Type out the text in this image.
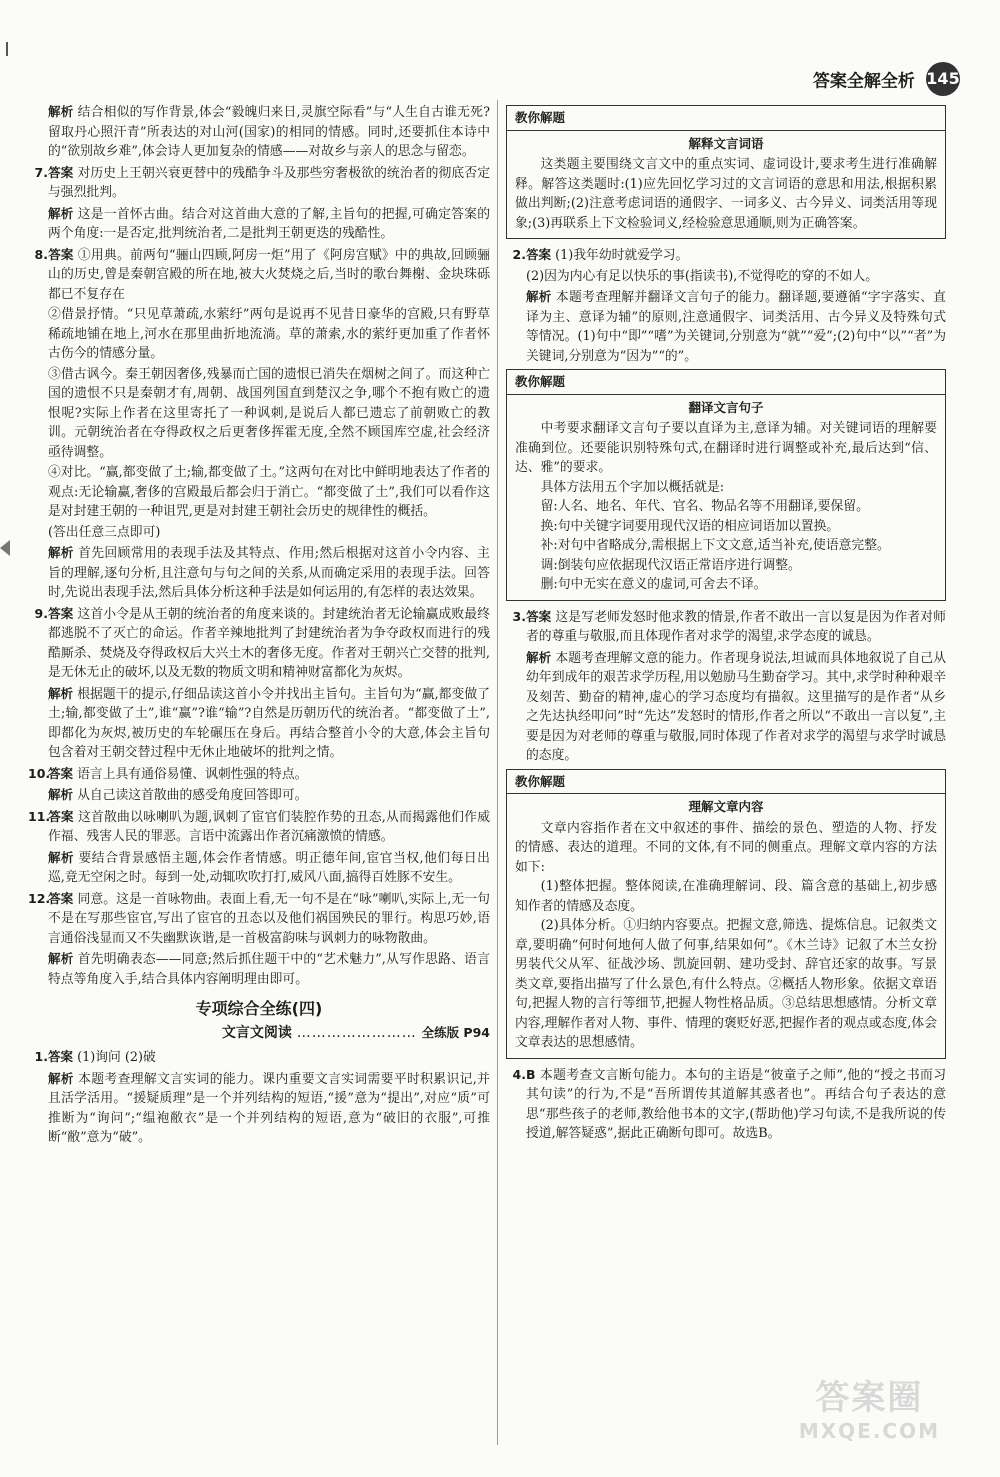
答案全解全析 145
解析 结合相似的写作背景,体会“毅魄归来日,灵旗空际看”与“人生自古谁无死?留取丹心照汗青”所表达的对山河(国家)的相同的情感。同时,还要抓住本诗中的“欲别故乡难”,体会诗人更加复杂的情感——对故乡与亲人的思念与留恋。
7.答案 对历史上王朝兴衰更替中的残酷争斗及那些穷奢极欲的统治者的彻底否定与强烈批判。
解析 这是一首怀古曲。结合对这首曲大意的了解,主旨句的把握,可确定答案的两个角度:一是否定,批判统治者,二是批判王朝更迭的残酷性。
8.答案 ①用典。前两句“骊山四顾,阿房一炬”用了《阿房宫赋》中的典故,回顾骊山的历史,曾是秦朝宫殿的所在地,被大火焚烧之后,当时的歌台舞榭、金块珠砾都已不复存在
②借景抒情。“只见草萧疏,水萦纡”两句是说再不见昔日豪华的宫殿,只有野草稀疏地铺在地上,河水在那里曲折地流淌。草的萧索,水的萦纡更加重了作者怀古伤今的情感分量。
③借古讽今。秦王朝因奢侈,残暴而亡国的遗恨已消失在烟树之间了。而这种亡国的遗恨不只是秦朝才有,周朝、战国列国直到楚汉之争,哪个不抱有败亡的遗恨呢?实际上作者在这里寄托了一种讽刺,是说后人都已遗忘了前朝败亡的教训。元朝统治者在夺得政权之后更奢侈挥霍无度,全然不顾国库空虚,社会经济亟待调整。
④对比。“赢,都变做了土;输,都变做了土。”这两句在对比中鲜明地表达了作者的观点:无论输赢,奢侈的宫殿最后都会归于消亡。“都变做了土”,我们可以看作这是对封建王朝的一种诅咒,更是对封建王朝社会历史的规律性的概括。
(答出任意三点即可)
解析 首先回顾常用的表现手法及其特点、作用;然后根据对这首小令内容、主旨的理解,逐句分析,且注意句与句之间的关系,从而确定采用的表现手法。回答时,先说出表现手法,然后具体分析这种手法是如何运用的,有怎样的表达效果。
9.答案 这首小令是从王朝的统治者的角度来谈的。封建统治者无论输赢成败最终都逃脱不了灭亡的命运。作者辛辣地批判了封建统治者为争夺政权而进行的残酷厮杀、焚烧及夺得政权后大兴土木的奢侈无度。作者对王朝兴亡交替的批判,是无休无止的破坏,以及无数的物质文明和精神财富都化为灰烬。
解析 根据题干的提示,仔细品读这首小令并找出主旨句。主旨句为“赢,都变做了土;输,都变做了土”,谁“赢”?谁“输”?自然是历朝历代的统治者。“都变做了土”,即都化为灰烬,被历史的车轮碾压在身后。再结合整首小令的大意,体会主旨句包含着对王朝交替过程中无休止地破坏的批判之情。
10.答案 语言上具有通俗易懂、讽刺性强的特点。
解析 从自己读这首散曲的感受角度回答即可。
11.答案 这首散曲以咏喇叭为题,讽刺了宦官们装腔作势的丑态,从而揭露他们作威作福、残害人民的罪恶。言语中流露出作者沉痛激愤的情感。
解析 要结合背景感悟主题,体会作者情感。明正德年间,宦官当权,他们每日出巡,竟无空闲之时。每到一处,动辄吹吹打打,威风八面,搞得百姓豚不安生。
12.答案 同意。这是一首咏物曲。表面上看,无一句不是在“咏”喇叭,实际上,无一句不是在写那些宦官,写出了宦官的丑态以及他们祸国殃民的罪行。构思巧妙,语言通俗浅显而又不失幽默诙谐,是一首极富韵味与讽刺力的咏物散曲。
解析 首先明确表态——同意;然后抓住题干中的“艺术魅力”,从写作思路、语言特点等角度入手,结合具体内容阐明理由即可。
专项综合全练(四)
文言文阅读 …………………… 全练版 P94
1.答案 (1)询问 (2)破
解析 本题考查理解文言实词的能力。课内重要文言实词需要平时积累识记,并且活学活用。“援疑质理”是一个并列结构的短语,“援”意为“提出”,对应“质”可推断为“询问”;“缊袍敝衣”是一个并列结构的短语,意为“破旧的衣服”,可推断“敝”意为“破”。
教你解题
解释文言词语

这类题主要围绕文言文中的重点实词、虚词设计,要求考生进行准确解释。解答这类题时:(1)应先回忆学习过的文言词语的意思和用法,根据积累做出判断;(2)注意考虑词语的通假字、一词多义、古今异义、词类活用等现象;(3)再联系上下文检验词义,经检验意思通顺,则为正确答案。

2.答案 (1)我年幼时就爱学习。
(2)因为内心有足以快乐的事(指读书),不觉得吃的穿的不如人。
解析 本题考查理解并翻译文言句子的能力。翻译题,要遵循“字字落实、直译为主、意译为辅”的原则,注意通假字、词类活用、古今异义及特殊句式等情况。(1)句中“即”“嗜”为关键词,分别意为“就”“爱”;(2)句中“以”“者”为关键词,分别意为“因为”“的”。
教你解题
翻译文言句子

中考要求翻译文言句子要以直译为主,意译为辅。对关键词语的理解要准确到位。还要能识别特殊句式,在翻译时进行调整或补充,最后达到“信、达、雅”的要求。

具体方法用五个字加以概括就是:

留:人名、地名、年代、官名、物品名等不用翻译,要保留。

换:句中关键字词要用现代汉语的相应词语加以置换。

补:对句中省略成分,需根据上下文文意,适当补充,使语意完整。

调:倒装句应依据现代汉语正常语序进行调整。

删:句中无实在意义的虚词,可舍去不译。

3.答案 这是写老师发怒时他求教的情景,作者不敢出一言以复是因为作者对师者的尊重与敬服,而且体现作者对求学的渴望,求学态度的诚恳。
解析 本题考查理解文意的能力。作者现身说法,坦诚而具体地叙说了自己从幼年到成年的艰苦求学历程,用以勉励马生勤奋学习。其中,求学时种种艰辛及刻苦、勤奋的精神,虚心的学习态度均有描叙。这里描写的是作者“从乡之先达执经叩问”时“先达”发怒时的情形,作者之所以“不敢出一言以复”,主要是因为对老师的尊重与敬服,同时体现了作者对求学的渴望与求学时诚恳的态度。
教你解题
理解文章内容

文章内容指作者在文中叙述的事件、描绘的景色、塑造的人物、抒发的情感、表达的道理。不同的文体,有不同的侧重点。理解文章内容的方法如下:

(1)整体把握。整体阅读,在准确理解词、段、篇含意的基础上,初步感知作者的情感及态度。

(2)具体分析。①归纳内容要点。把握文意,筛选、提炼信息。记叙类文章,要明确“何时何地何人做了何事,结果如何”。《木兰诗》记叙了木兰女扮男装代父从军、征战沙场、凯旋回朝、建功受封、辞官还家的故事。写景类文章,要指出描写了什么景色,有什么特点。②概括人物形象。依据文章语句,把握人物的言行等细节,把握人物性格品质。③总结思想感情。分析文章内容,理解作者对人物、事件、情理的褒贬好恶,把握作者的观点或态度,体会文章表达的思想感情。

4.B 本题考查文言断句能力。本句的主语是“彼童子之师”,他的“授之书而习其句读”的行为,不是“吾所谓传其道解其惑者也”。再结合句子表达的意思“那些孩子的老师,教给他书本的文字,(帮助他)学习句读,不是我所说的传授道,解答疑惑”,据此正确断句即可。故选B。
答案圈
MXQE.COM
